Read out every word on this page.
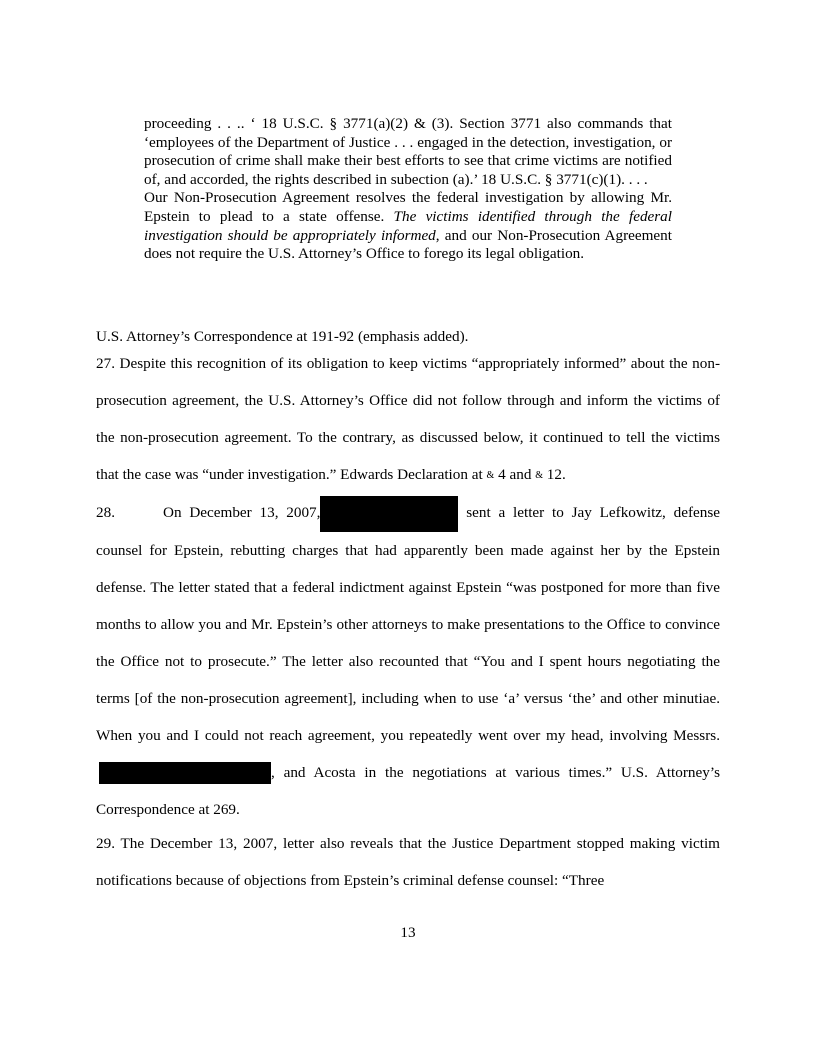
proceeding . . .. ‘ 18 U.S.C. § 3771(a)(2) & (3). Section 3771 also commands that ‘employees of the Department of Justice . . . engaged in the detection, investigation, or prosecution of crime shall make their best efforts to see that crime victims are notified of, and accorded, the rights described in subection (a).’ 18 U.S.C. § 3771(c)(1). . . .

Our Non-Prosecution Agreement resolves the federal investigation by allowing Mr. Epstein to plead to a state offense. The victims identified through the federal investigation should be appropriately informed, and our Non-Prosecution Agreement does not require the U.S. Attorney’s Office to forego its legal obligation.

U.S. Attorney’s Correspondence at 191-92 (emphasis added).

27. Despite this recognition of its obligation to keep victims “appropriately informed” about the non-prosecution agreement, the U.S. Attorney’s Office did not follow through and inform the victims of the non-prosecution agreement. To the contrary, as discussed below, it continued to tell the victims that the case was “under investigation.” Edwards Declaration at & 4 and & 12.

28.	On December 13, 2007,	sent a letter to Jay Lefkowitz, defense counsel for Epstein, rebutting charges that had apparently been made against her by the Epstein defense. The letter stated that a federal indictment against Epstein “was postponed for more than five months to allow you and Mr. Epstein’s other attorneys to make presentations to the Office to convince the Office not to prosecute.” The letter also recounted that “You and I spent hours negotiating the terms [of the non-prosecution agreement], including when to use ‘a’ versus ‘the’ and other minutiae. When you and I could not reach agreement, you repeatedly went over my head, involving Messrs., and Acosta in the negotiations at various times.” U.S. Attorney’s Correspondence at 269.

29. The December 13, 2007, letter also reveals that the Justice Department stopped making victim notifications because of objections from Epstein’s criminal defense counsel: “Three

13
